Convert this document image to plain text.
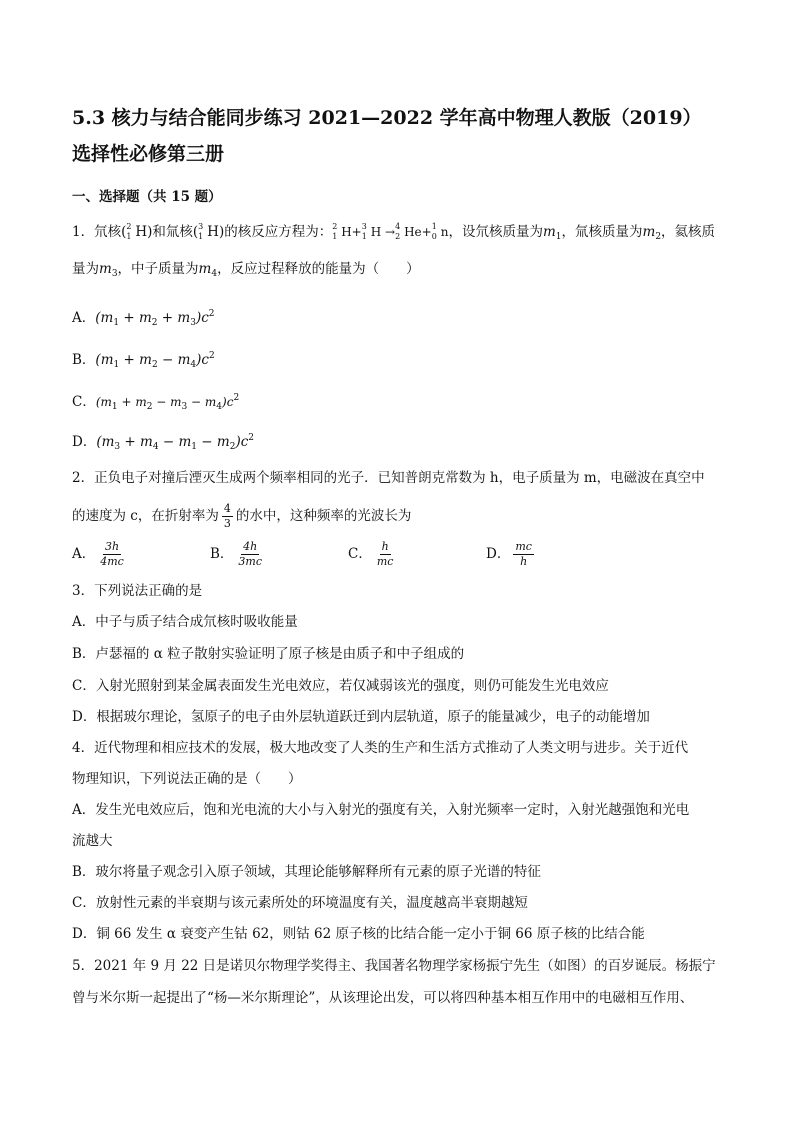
5.3 核力与结合能同步练习 2021—2022 学年高中物理人教版（2019）
选择性必修第三册
一、选择题（共 15 题）
1．氘核( 2
1 H)和氚核( 3
1 H)的核反应方程为： 2
1 H+ 3
1 H → 4
2 He+ 1
0 n，设氘核质量为$m_1$，氚核质量为$m_2$，氦核质
量为$m_3$，中子质量为$m_4$，反应过程释放的能量为（　　）
A．$(m_1 + m_2 + m_3)c^2$
B．$(m_1 + m_2 - m_4)c^2$
C．$(m_1 + m_2 - m_3 - m_4)c^2$
D．$(m_3 + m_4 - m_1 - m_2)c^2$
2．正负电子对撞后湮灭生成两个频率相同的光子．已知普朗克常数为 h，电子质量为 m，电磁波在真空中
的速度为 c，在折射率为 $\frac{4}{3}$ 的水中，这种频率的光波长为
A． $\frac{3h}{4mc}$	B． $\frac{4h}{3mc}$	C． $\frac{h}{mc}$	D． $\frac{mc}{h}$
3．下列说法正确的是
A．中子与质子结合成氘核时吸收能量
B．卢瑟福的 α 粒子散射实验证明了原子核是由质子和中子组成的
C．入射光照射到某金属表面发生光电效应，若仅减弱该光的强度，则仍可能发生光电效应
D．根据玻尔理论，氢原子的电子由外层轨道跃迁到内层轨道，原子的能量减少，电子的动能增加
4．近代物理和相应技术的发展，极大地改变了人类的生产和生活方式推动了人类文明与进步。关于近代
物理知识，下列说法正确的是（　　）
A．发生光电效应后，饱和光电流的大小与入射光的强度有关，入射光频率一定时，入射光越强饱和光电
流越大
B．玻尔将量子观念引入原子领域，其理论能够解释所有元素的原子光谱的特征
C．放射性元素的半衰期与该元素所处的环境温度有关，温度越高半衰期越短
D．铜 66 发生 α 衰变产生钴 62，则钴 62 原子核的比结合能一定小于铜 66 原子核的比结合能
5．2021 年 9 月 22 日是诺贝尔物理学奖得主、我国著名物理学家杨振宁先生（如图）的百岁诞辰。杨振宁
曾与米尔斯一起提出了“杨—米尔斯理论”，从该理论出发，可以将四种基本相互作用中的电磁相互作用、
